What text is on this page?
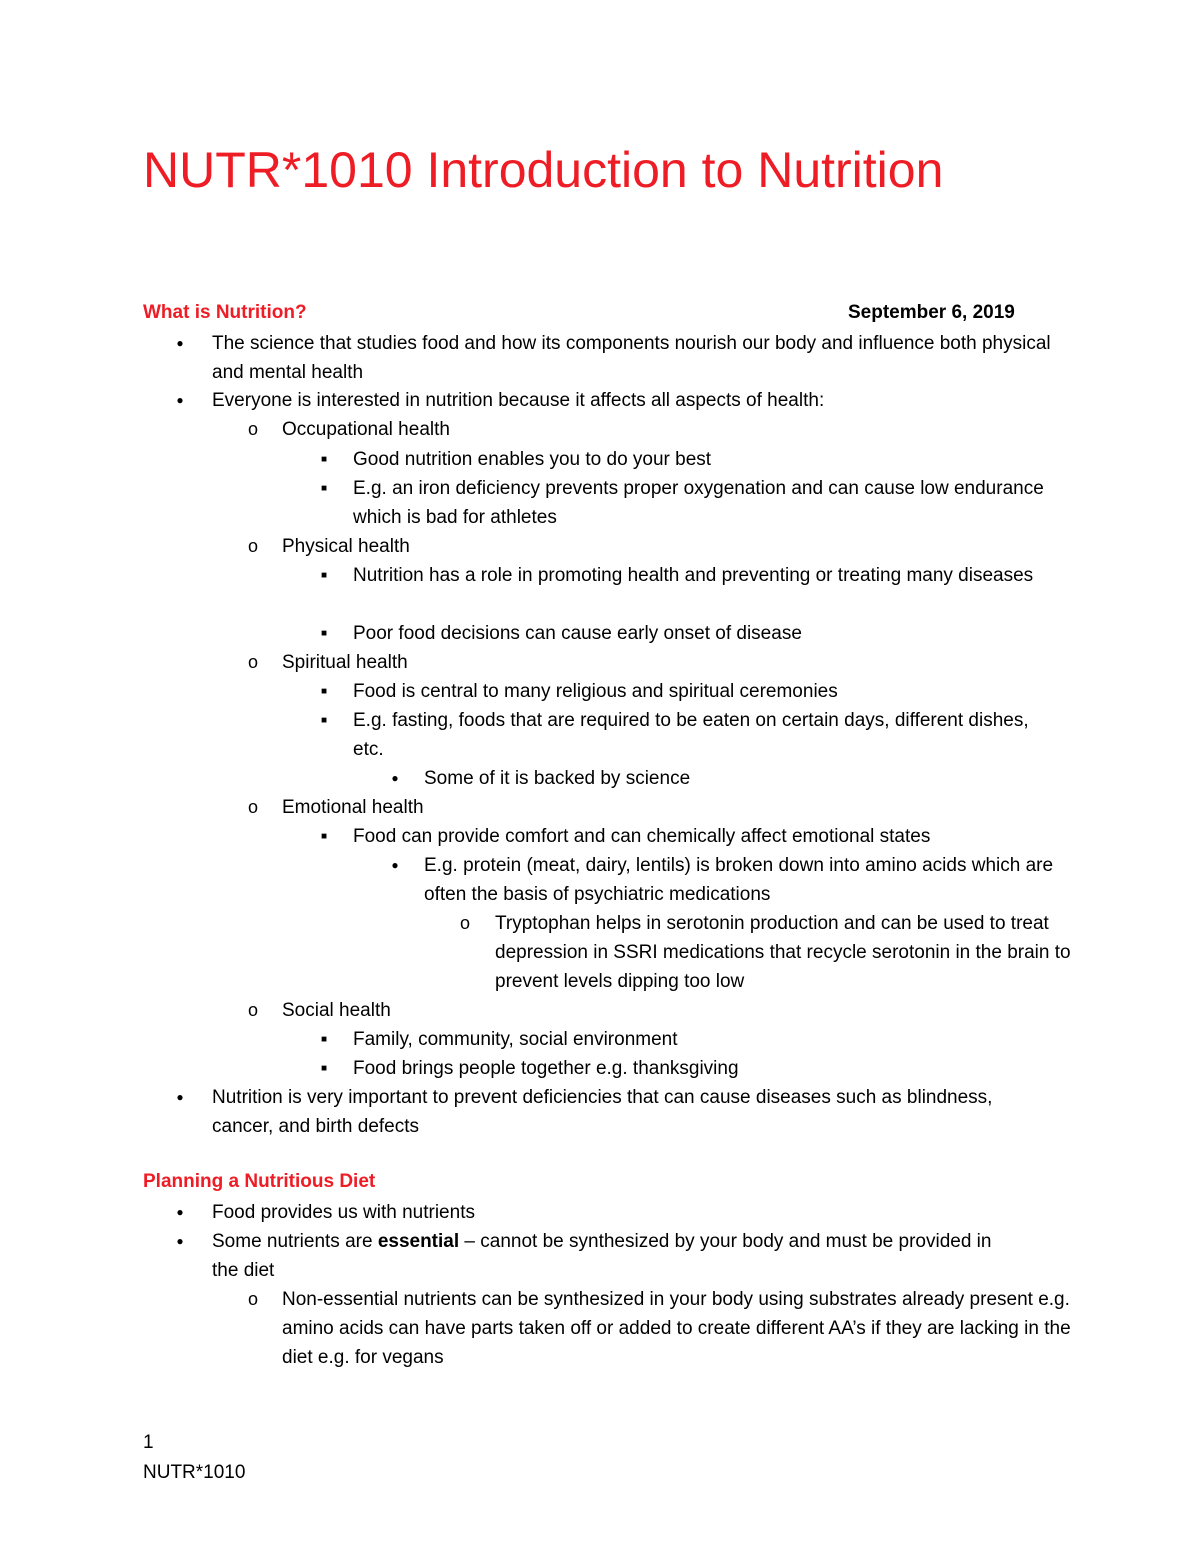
NUTR*1010 Introduction to Nutrition
What is Nutrition?	September 6, 2019
●

The science that studies food and how its components nourish our body and influence both physical and mental health

●

Everyone is interested in nutrition because it affects all aspects of health:

o

Occupational health

■

Good nutrition enables you to do your best

■

E.g. an iron deficiency prevents proper oxygenation and can cause low endurance which is bad for athletes

o

Physical health

■

Nutrition has a role in promoting health and preventing or treating many diseases

■

Poor food decisions can cause early onset of disease

o

Spiritual health

■

Food is central to many religious and spiritual ceremonies

■

E.g. fasting, foods that are required to be eaten on certain days, different dishes, etc.

●

Some of it is backed by science

o

Emotional health

■

Food can provide comfort and can chemically affect emotional states

●

E.g. protein (meat, dairy, lentils) is broken down into amino acids which are often the basis of psychiatric medications

o

Tryptophan helps in serotonin production and can be used to treat depression in SSRI medications that recycle serotonin in the brain to prevent levels dipping too low

o

Social health

■

Family, community, social environment

■

Food brings people together e.g. thanksgiving

●

Nutrition is very important to prevent deficiencies that can cause diseases such as blindness, cancer, and birth defects

Planning a Nutritious Diet
●

Food provides us with nutrients

●

Some nutrients are essential – cannot be synthesized by your body and must be provided in the diet

o

Non-essential nutrients can be synthesized in your body using substrates already present e.g. amino acids can have parts taken off or added to create different AA’s if they are lacking in the diet e.g. for vegans

1
NUTR*1010
